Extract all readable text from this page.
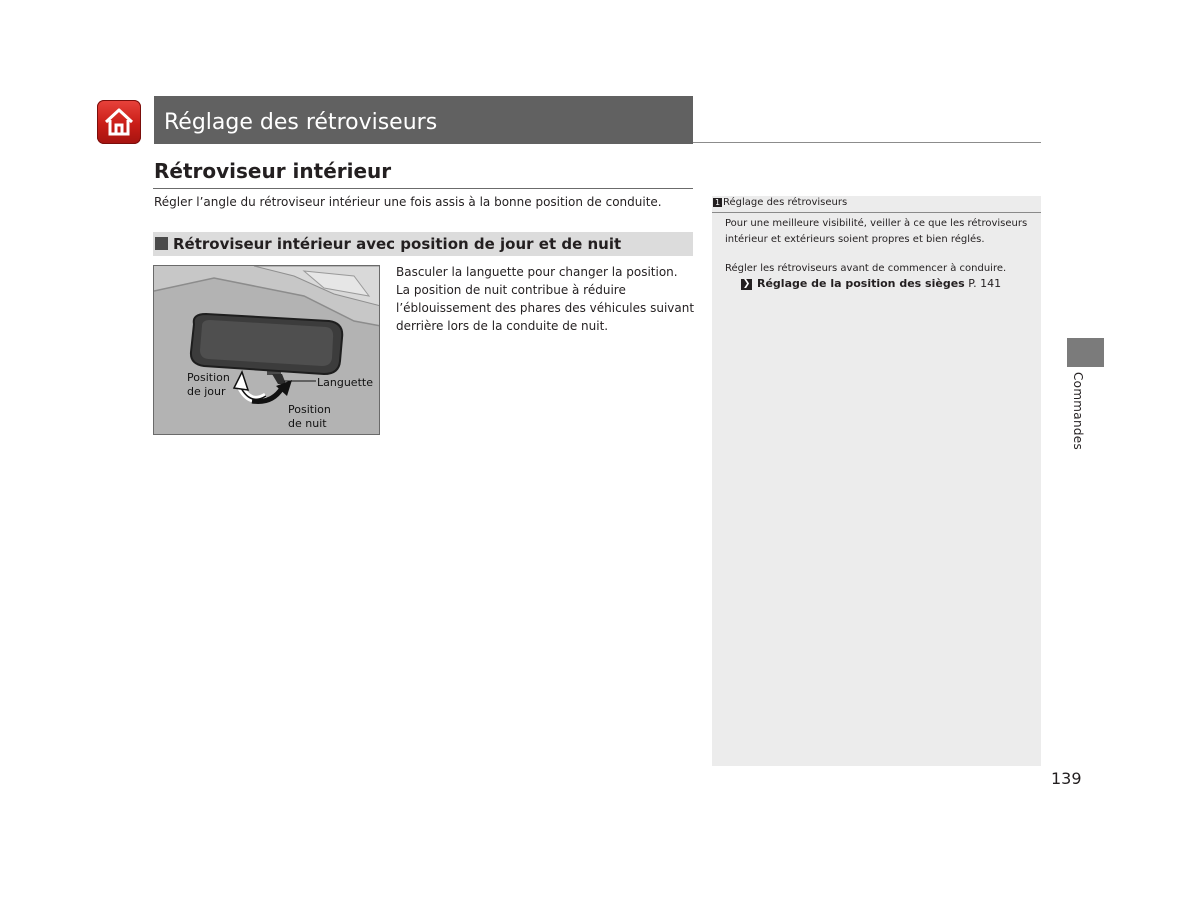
Réglage des rétroviseurs
Rétroviseur intérieur
Régler l’angle du rétroviseur intérieur une fois assis à la bonne position de conduite.
Rétroviseur intérieur avec position de jour et de nuit
Position
de jour
Languette
Position
de nuit
Basculer la languette pour changer la position.
La position de nuit contribue à réduire
l’éblouissement des phares des véhicules suivant
derrière lors de la conduite de nuit.
1 Réglage des rétroviseurs
Pour une meilleure visibilité, veiller à ce que les rétroviseurs
intérieur et extérieurs soient propres et bien réglés.
Régler les rétroviseurs avant de commencer à conduire.
❯ Réglage de la position des sièges P. 141
Commandes
139
